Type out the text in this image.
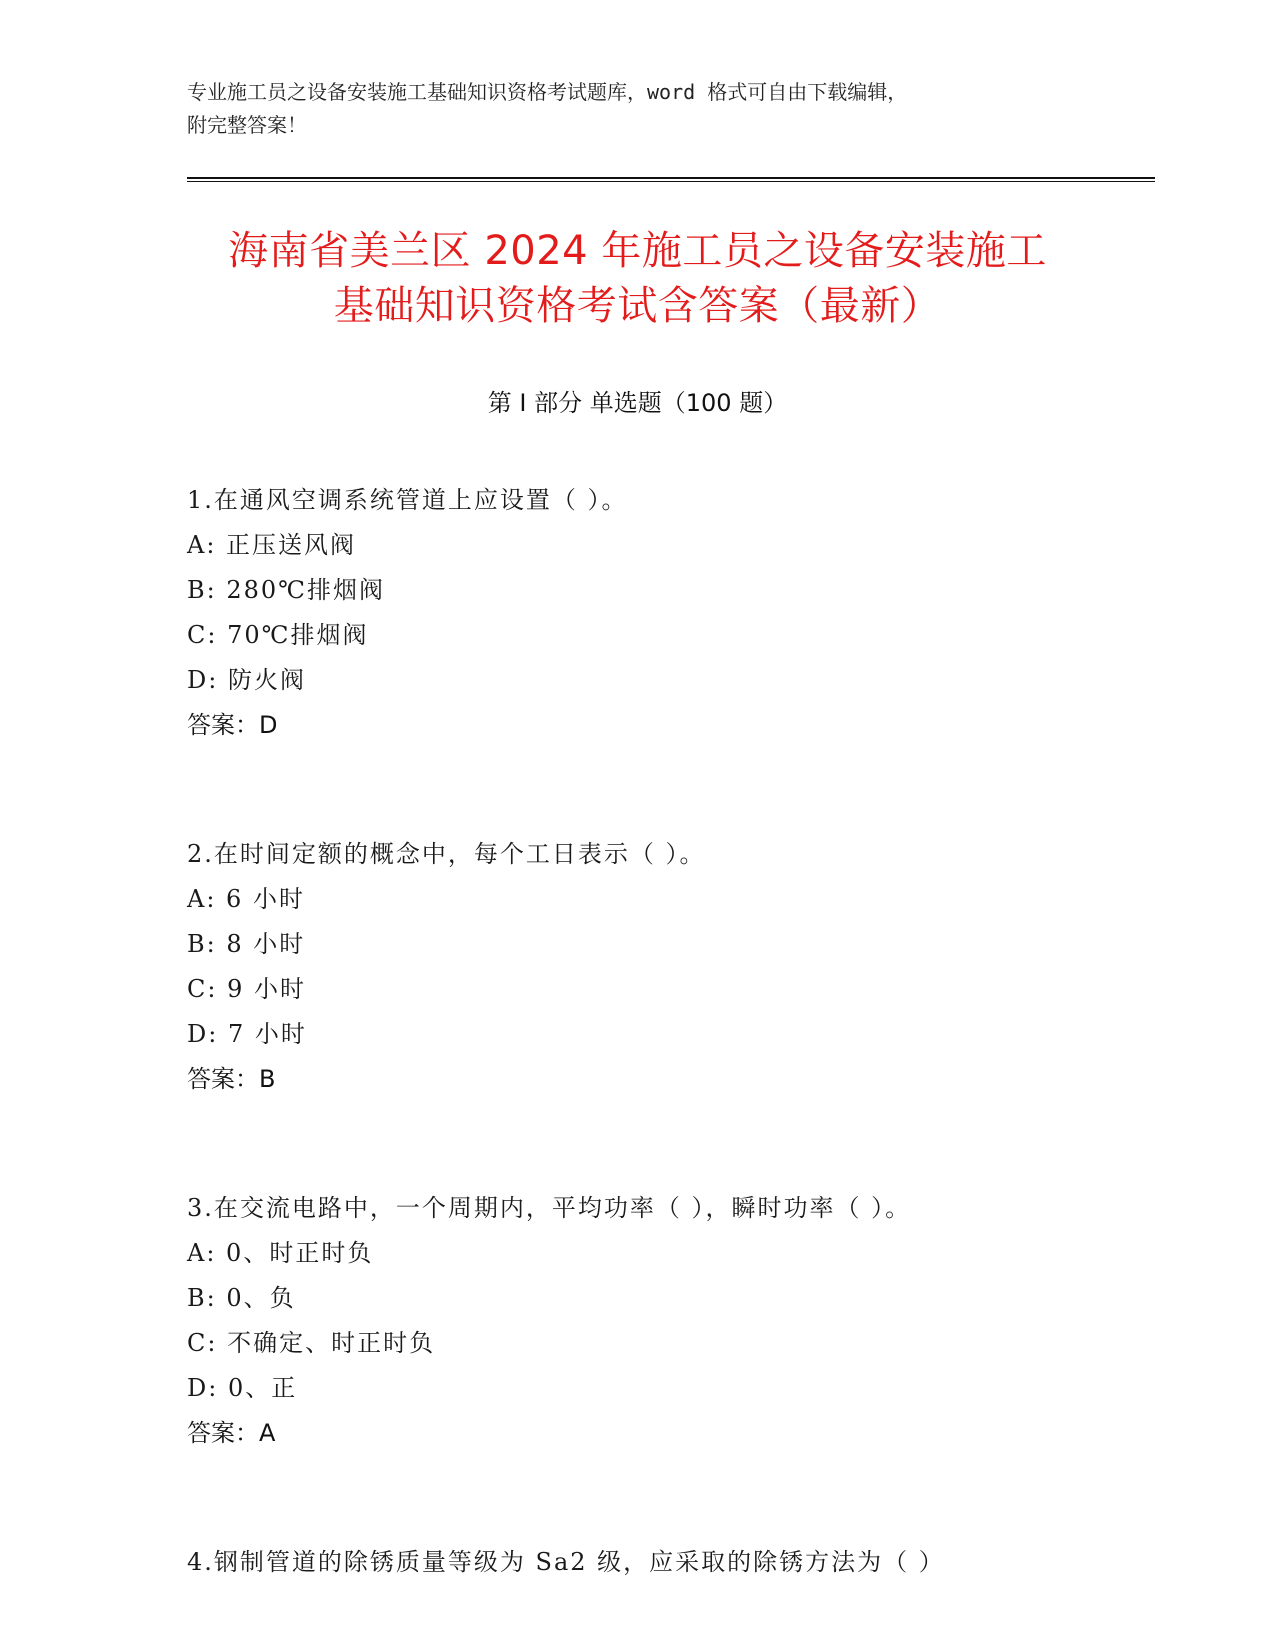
专业施工员之设备安装施工基础知识资格考试题库，word 格式可自由下载编辑，
附完整答案！
海南省美兰区 2024 年施工员之设备安装施工
基础知识资格考试含答案（最新）
第 I 部分 单选题（100 题）
1.在通风空调系统管道上应设置（ ）。
A: 正压送风阀
B: 280℃排烟阀
C: 70℃排烟阀
D: 防火阀
答案：D
2.在时间定额的概念中，每个工日表示（ ）。
A: 6 小时
B: 8 小时
C: 9 小时
D: 7 小时
答案：B
3.在交流电路中，一个周期内，平均功率（ ），瞬时功率（ ）。
A: 0、时正时负
B: 0、负
C: 不确定、时正时负
D: 0、正
答案：A
4.钢制管道的除锈质量等级为 Sa2 级，应采取的除锈方法为（ ）
